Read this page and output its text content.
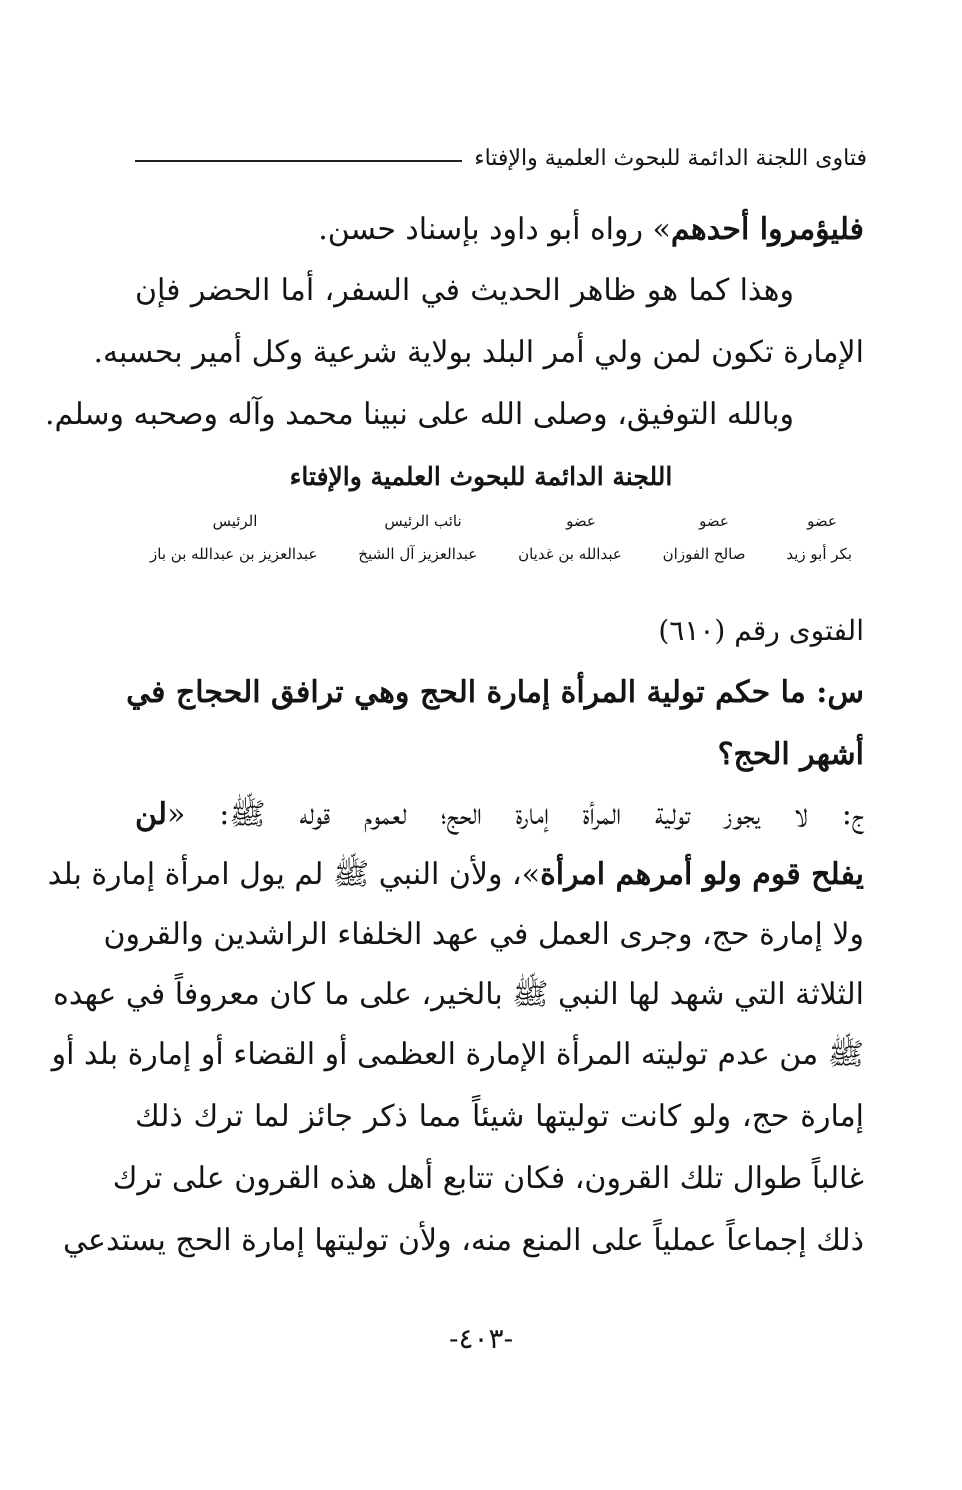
فتاوى اللجنة الدائمة للبحوث العلمية والإفتاء
فليؤمروا أحدهم» رواه أبو داود بإسناد حسن.
وهذا كما هو ظاهر الحديث في السفر، أما الحضر فإن
الإمارة تكون لمن ولي أمر البلد بولاية شرعية وكل أمير بحسبه.
وبالله التوفيق، وصلى الله على نبينا محمد وآله وصحبه وسلم.
اللجنة الدائمة للبحوث العلمية والإفتاء
عضو
عضو
عضو
نائب الرئيس
الرئيس
بكر أبو زيد
صالح الفوزان
عبدالله بن غديان
عبدالعزيز آل الشيخ
عبدالعزيز بن عبدالله بن باز
الفتوى رقم (٦١٠)
س: ما حكم تولية المرأة إمارة الحج وهي ترافق الحجاج في
أشهر الحج؟
ج: لا يجوز تولية المرأة إمارة الحج؛ لعموم قوله ﷺ: «لن
يفلح قوم ولو أمرهم امرأة»، ولأن النبي ﷺ لم يول امرأة إمارة بلد
ولا إمارة حج، وجرى العمل في عهد الخلفاء الراشدين والقرون
الثلاثة التي شهد لها النبي ﷺ بالخير، على ما كان معروفاً في عهده
ﷺ من عدم توليته المرأة الإمارة العظمى أو القضاء أو إمارة بلد أو
إمارة حج، ولو كانت توليتها شيئاً مما ذكر جائز لما ترك ذلك
غالباً طوال تلك القرون، فكان تتابع أهل هذه القرون على ترك
ذلك إجماعاً عملياً على المنع منه، ولأن توليتها إمارة الحج يستدعي
-٤٠٣-
